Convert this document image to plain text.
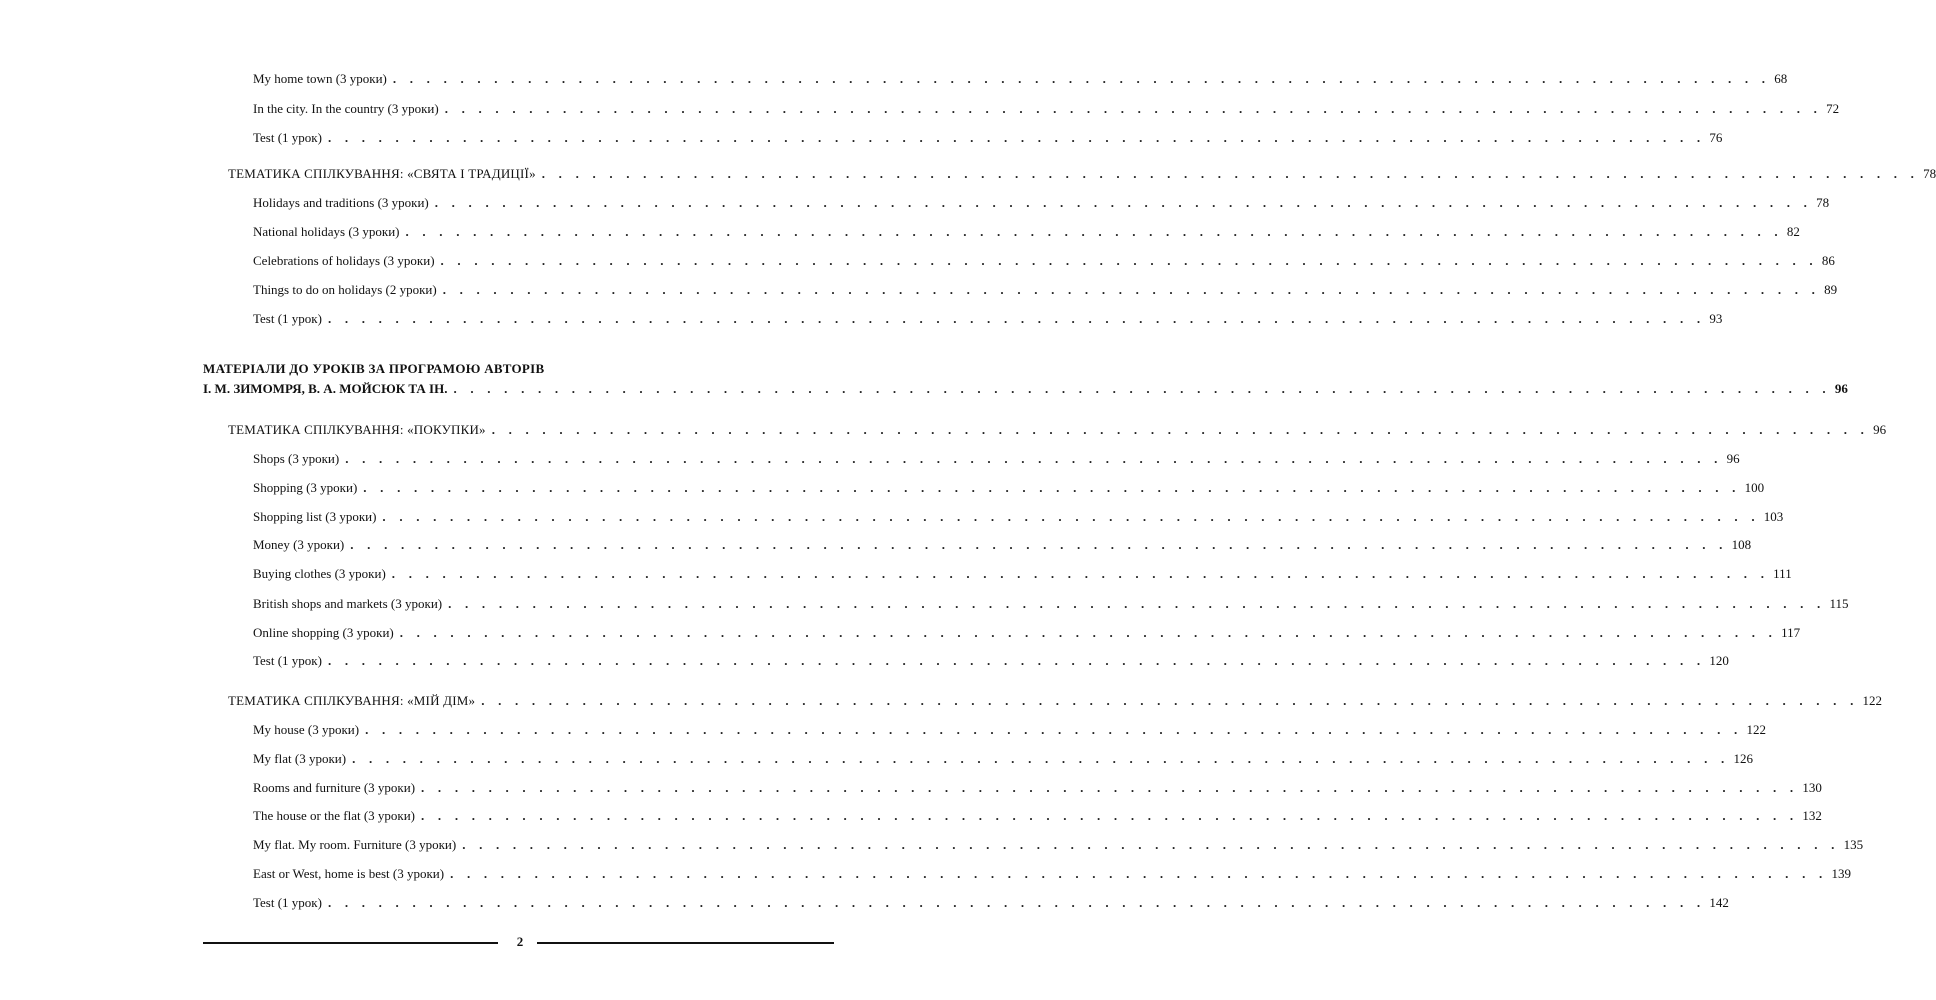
My home town (3 уроки) . . . . . . . . . . . . . . . . . . . . . . . . . . . . . . . . . . . . . . . . . . . . . . . . . . . . . . . . . . . . . . . . . . . . . . . . . . . . . . . . . . 68
In the city. In the country (3 уроки) . . . . . . . . . . . . . . . . . . . . . . . . . . . . . . . . . . . . . . . . . . . . . . . . . . . . . . . . . . . . . . . . . . . . . . . . . . . . . . . . . . 72
Test (1 урок) . . . . . . . . . . . . . . . . . . . . . . . . . . . . . . . . . . . . . . . . . . . . . . . . . . . . . . . . . . . . . . . . . . . . . . . . . . . . . . . . . . 76
ТЕМАТИКА СПІЛКУВАННЯ: «СВЯТА І ТРАДИЦІЇ» . . . . . . . . . . . . . . . . . . . . . . . . . . . . . . . . . . . . . . . . . . . . . . . . . . . . . . . . . . . . . . . . . . . . . . . . . . . . . . . . . . 78
Holidays and traditions (3 уроки) . . . . . . . . . . . . . . . . . . . . . . . . . . . . . . . . . . . . . . . . . . . . . . . . . . . . . . . . . . . . . . . . . . . . . . . . . . . . . . . . . . 78
National holidays (3 уроки) . . . . . . . . . . . . . . . . . . . . . . . . . . . . . . . . . . . . . . . . . . . . . . . . . . . . . . . . . . . . . . . . . . . . . . . . . . . . . . . . . . 82
Celebrations of holidays (3 уроки) . . . . . . . . . . . . . . . . . . . . . . . . . . . . . . . . . . . . . . . . . . . . . . . . . . . . . . . . . . . . . . . . . . . . . . . . . . . . . . . . . . 86
Things to do on holidays (2 уроки) . . . . . . . . . . . . . . . . . . . . . . . . . . . . . . . . . . . . . . . . . . . . . . . . . . . . . . . . . . . . . . . . . . . . . . . . . . . . . . . . . . 89
Test (1 урок) . . . . . . . . . . . . . . . . . . . . . . . . . . . . . . . . . . . . . . . . . . . . . . . . . . . . . . . . . . . . . . . . . . . . . . . . . . . . . . . . . . 93
МАТЕРІАЛИ ДО УРОКІВ ЗА ПРОГРАМОЮ АВТОРІВ
І. М. ЗИМОМРЯ, В. А. МОЙСЮК ТА ІН. . . . . . . . . . . . . . . . . . . . . . . . . . . . . . . . . . . . . . . . . . . . . . . . . . . . . . . . . . . . . . . . . . . . . . . . . . . . . . . . . . . 96
ТЕМАТИКА СПІЛКУВАННЯ: «ПОКУПКИ» . . . . . . . . . . . . . . . . . . . . . . . . . . . . . . . . . . . . . . . . . . . . . . . . . . . . . . . . . . . . . . . . . . . . . . . . . . . . . . . . . . 96
Shops (3 уроки) . . . . . . . . . . . . . . . . . . . . . . . . . . . . . . . . . . . . . . . . . . . . . . . . . . . . . . . . . . . . . . . . . . . . . . . . . . . . . . . . . . 96
Shopping (3 уроки) . . . . . . . . . . . . . . . . . . . . . . . . . . . . . . . . . . . . . . . . . . . . . . . . . . . . . . . . . . . . . . . . . . . . . . . . . . . . . . . . . . 100
Shopping list (3 уроки) . . . . . . . . . . . . . . . . . . . . . . . . . . . . . . . . . . . . . . . . . . . . . . . . . . . . . . . . . . . . . . . . . . . . . . . . . . . . . . . . . . 103
Money (3 уроки) . . . . . . . . . . . . . . . . . . . . . . . . . . . . . . . . . . . . . . . . . . . . . . . . . . . . . . . . . . . . . . . . . . . . . . . . . . . . . . . . . . 108
Buying clothes (3 уроки) . . . . . . . . . . . . . . . . . . . . . . . . . . . . . . . . . . . . . . . . . . . . . . . . . . . . . . . . . . . . . . . . . . . . . . . . . . . . . . . . . . 111
British shops and markets (3 уроки) . . . . . . . . . . . . . . . . . . . . . . . . . . . . . . . . . . . . . . . . . . . . . . . . . . . . . . . . . . . . . . . . . . . . . . . . . . . . . . . . . . 115
Online shopping (3 уроки) . . . . . . . . . . . . . . . . . . . . . . . . . . . . . . . . . . . . . . . . . . . . . . . . . . . . . . . . . . . . . . . . . . . . . . . . . . . . . . . . . . 117
Test (1 урок) . . . . . . . . . . . . . . . . . . . . . . . . . . . . . . . . . . . . . . . . . . . . . . . . . . . . . . . . . . . . . . . . . . . . . . . . . . . . . . . . . . 120
ТЕМАТИКА СПІЛКУВАННЯ: «МІЙ ДІМ» . . . . . . . . . . . . . . . . . . . . . . . . . . . . . . . . . . . . . . . . . . . . . . . . . . . . . . . . . . . . . . . . . . . . . . . . . . . . . . . . . . 122
My house (3 уроки) . . . . . . . . . . . . . . . . . . . . . . . . . . . . . . . . . . . . . . . . . . . . . . . . . . . . . . . . . . . . . . . . . . . . . . . . . . . . . . . . . . 122
My flat (3 уроки) . . . . . . . . . . . . . . . . . . . . . . . . . . . . . . . . . . . . . . . . . . . . . . . . . . . . . . . . . . . . . . . . . . . . . . . . . . . . . . . . . . 126
Rooms and furniture (3 уроки) . . . . . . . . . . . . . . . . . . . . . . . . . . . . . . . . . . . . . . . . . . . . . . . . . . . . . . . . . . . . . . . . . . . . . . . . . . . . . . . . . . 130
The house or the flat (3 уроки) . . . . . . . . . . . . . . . . . . . . . . . . . . . . . . . . . . . . . . . . . . . . . . . . . . . . . . . . . . . . . . . . . . . . . . . . . . . . . . . . . . 132
My flat. My room. Furniture (3 уроки) . . . . . . . . . . . . . . . . . . . . . . . . . . . . . . . . . . . . . . . . . . . . . . . . . . . . . . . . . . . . . . . . . . . . . . . . . . . . . . . . . . 135
East or West, home is best (3 уроки) . . . . . . . . . . . . . . . . . . . . . . . . . . . . . . . . . . . . . . . . . . . . . . . . . . . . . . . . . . . . . . . . . . . . . . . . . . . . . . . . . . 139
Test (1 урок) . . . . . . . . . . . . . . . . . . . . . . . . . . . . . . . . . . . . . . . . . . . . . . . . . . . . . . . . . . . . . . . . . . . . . . . . . . . . . . . . . . 142
2
